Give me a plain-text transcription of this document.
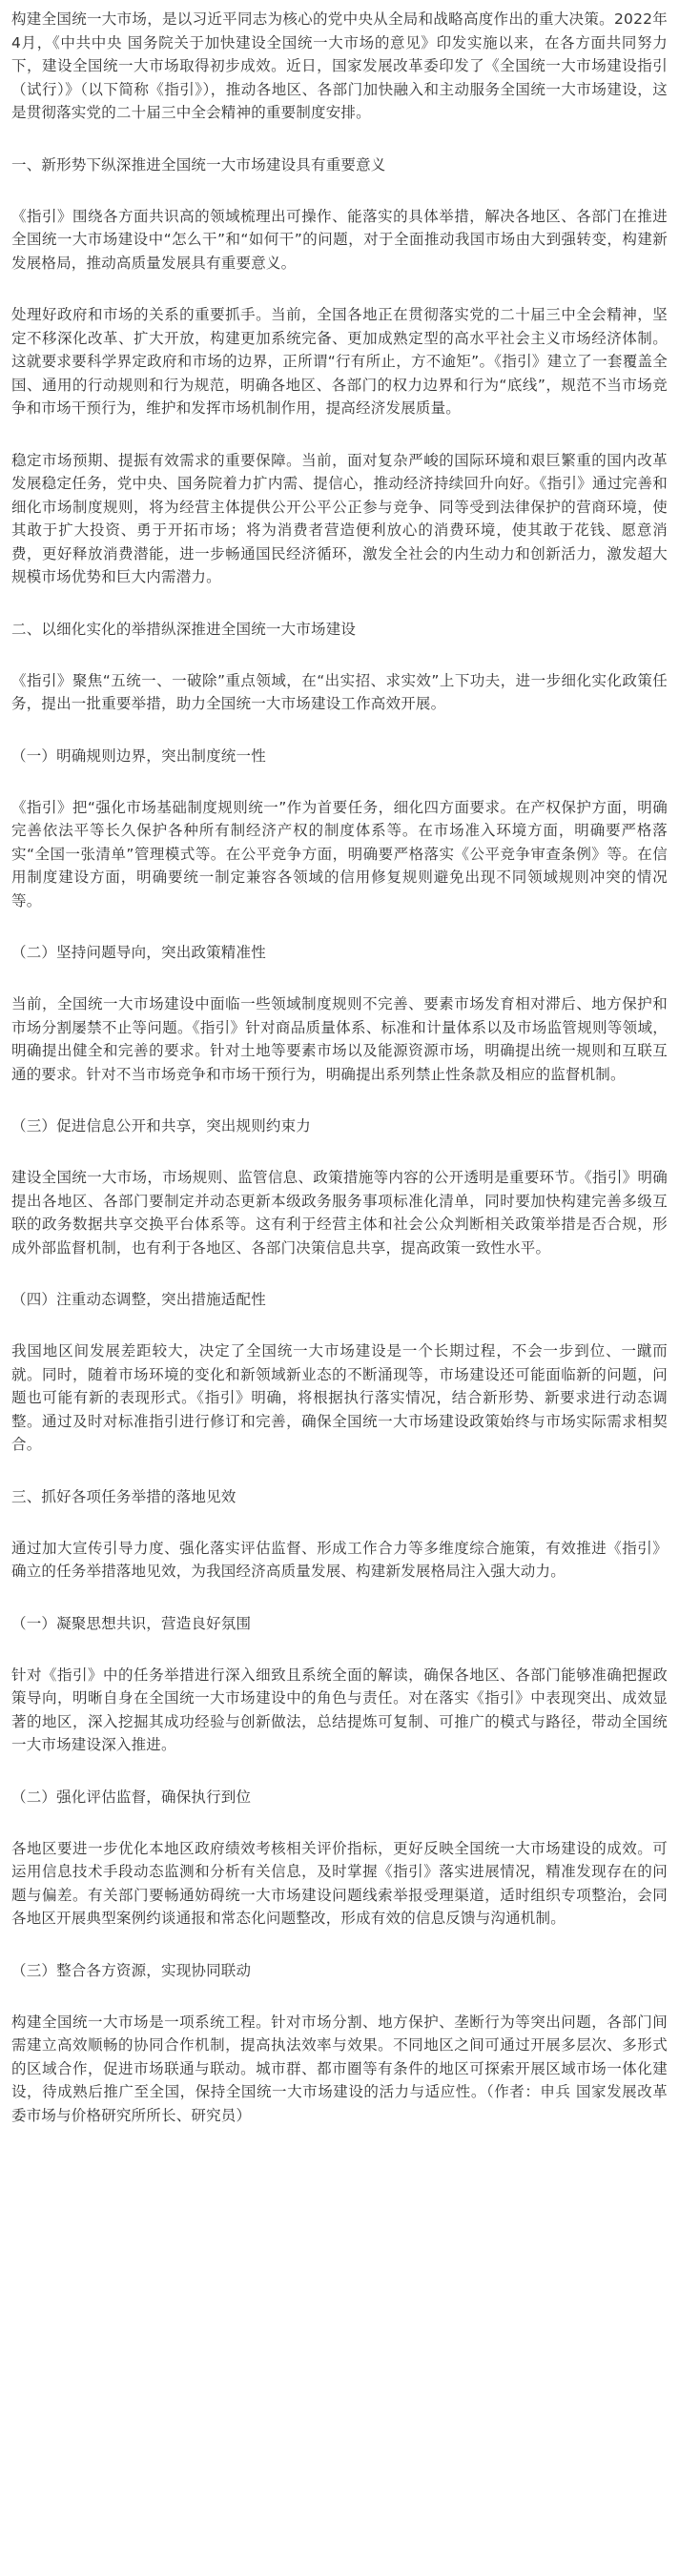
构建全国统一大市场，是以习近平同志为核心的党中央从全局和战略高度作出的重大决策。2022年4月，《中共中央 国务院关于加快建设全国统一大市场的意见》印发实施以来，在各方面共同努力下，建设全国统一大市场取得初步成效。近日，国家发展改革委印发了《全国统一大市场建设指引（试行）》（以下简称《指引》），推动各地区、各部门加快融入和主动服务全国统一大市场建设，这是贯彻落实党的二十届三中全会精神的重要制度安排。

一、新形势下纵深推进全国统一大市场建设具有重要意义

《指引》围绕各方面共识高的领域梳理出可操作、能落实的具体举措，解决各地区、各部门在推进全国统一大市场建设中“怎么干”和“如何干”的问题，对于全面推动我国市场由大到强转变，构建新发展格局，推动高质量发展具有重要意义。

处理好政府和市场的关系的重要抓手。当前，全国各地正在贯彻落实党的二十届三中全会精神，坚定不移深化改革、扩大开放，构建更加系统完备、更加成熟定型的高水平社会主义市场经济体制。这就要求要科学界定政府和市场的边界，正所谓“行有所止，方不逾矩”。《指引》建立了一套覆盖全国、通用的行动规则和行为规范，明确各地区、各部门的权力边界和行为“底线”，规范不当市场竞争和市场干预行为，维护和发挥市场机制作用，提高经济发展质量。

稳定市场预期、提振有效需求的重要保障。当前，面对复杂严峻的国际环境和艰巨繁重的国内改革发展稳定任务，党中央、国务院着力扩内需、提信心，推动经济持续回升向好。《指引》通过完善和细化市场制度规则，将为经营主体提供公开公平公正参与竞争、同等受到法律保护的营商环境，使其敢于扩大投资、勇于开拓市场；将为消费者营造便利放心的消费环境，使其敢于花钱、愿意消费，更好释放消费潜能，进一步畅通国民经济循环，激发全社会的内生动力和创新活力，激发超大规模市场优势和巨大内需潜力。

二、以细化实化的举措纵深推进全国统一大市场建设

《指引》聚焦“五统一、一破除”重点领域，在“出实招、求实效”上下功夫，进一步细化实化政策任务，提出一批重要举措，助力全国统一大市场建设工作高效开展。

（一）明确规则边界，突出制度统一性

《指引》把“强化市场基础制度规则统一”作为首要任务，细化四方面要求。在产权保护方面，明确完善依法平等长久保护各种所有制经济产权的制度体系等。在市场准入环境方面，明确要严格落实“全国一张清单”管理模式等。在公平竞争方面，明确要严格落实《公平竞争审查条例》等。在信用制度建设方面，明确要统一制定兼容各领域的信用修复规则避免出现不同领域规则冲突的情况等。

（二）坚持问题导向，突出政策精准性

当前，全国统一大市场建设中面临一些领域制度规则不完善、要素市场发育相对滞后、地方保护和市场分割屡禁不止等问题。《指引》针对商品质量体系、标准和计量体系以及市场监管规则等领域，明确提出健全和完善的要求。针对土地等要素市场以及能源资源市场，明确提出统一规则和互联互通的要求。针对不当市场竞争和市场干预行为，明确提出系列禁止性条款及相应的监督机制。

（三）促进信息公开和共享，突出规则约束力

建设全国统一大市场，市场规则、监管信息、政策措施等内容的公开透明是重要环节。《指引》明确提出各地区、各部门要制定并动态更新本级政务服务事项标准化清单，同时要加快构建完善多级互联的政务数据共享交换平台体系等。这有利于经营主体和社会公众判断相关政策举措是否合规，形成外部监督机制，也有利于各地区、各部门决策信息共享，提高政策一致性水平。

（四）注重动态调整，突出措施适配性

我国地区间发展差距较大，决定了全国统一大市场建设是一个长期过程，不会一步到位、一蹴而就。同时，随着市场环境的变化和新领域新业态的不断涌现等，市场建设还可能面临新的问题，问题也可能有新的表现形式。《指引》明确，将根据执行落实情况，结合新形势、新要求进行动态调整。通过及时对标准指引进行修订和完善，确保全国统一大市场建设政策始终与市场实际需求相契合。

三、抓好各项任务举措的落地见效

通过加大宣传引导力度、强化落实评估监督、形成工作合力等多维度综合施策，有效推进《指引》确立的任务举措落地见效，为我国经济高质量发展、构建新发展格局注入强大动力。

（一）凝聚思想共识，营造良好氛围

针对《指引》中的任务举措进行深入细致且系统全面的解读，确保各地区、各部门能够准确把握政策导向，明晰自身在全国统一大市场建设中的角色与责任。对在落实《指引》中表现突出、成效显著的地区，深入挖掘其成功经验与创新做法，总结提炼可复制、可推广的模式与路径，带动全国统一大市场建设深入推进。

（二）强化评估监督，确保执行到位

各地区要进一步优化本地区政府绩效考核相关评价指标，更好反映全国统一大市场建设的成效。可运用信息技术手段动态监测和分析有关信息，及时掌握《指引》落实进展情况，精准发现存在的问题与偏差。有关部门要畅通妨碍统一大市场建设问题线索举报受理渠道，适时组织专项整治，会同各地区开展典型案例约谈通报和常态化问题整改，形成有效的信息反馈与沟通机制。

（三）整合各方资源，实现协同联动

构建全国统一大市场是一项系统工程。针对市场分割、地方保护、垄断行为等突出问题，各部门间需建立高效顺畅的协同合作机制，提高执法效率与效果。不同地区之间可通过开展多层次、多形式的区域合作，促进市场联通与联动。城市群、都市圈等有条件的地区可探索开展区域市场一体化建设，待成熟后推广至全国，保持全国统一大市场建设的活力与适应性。（作者：申兵 国家发展改革委市场与价格研究所所长、研究员）
